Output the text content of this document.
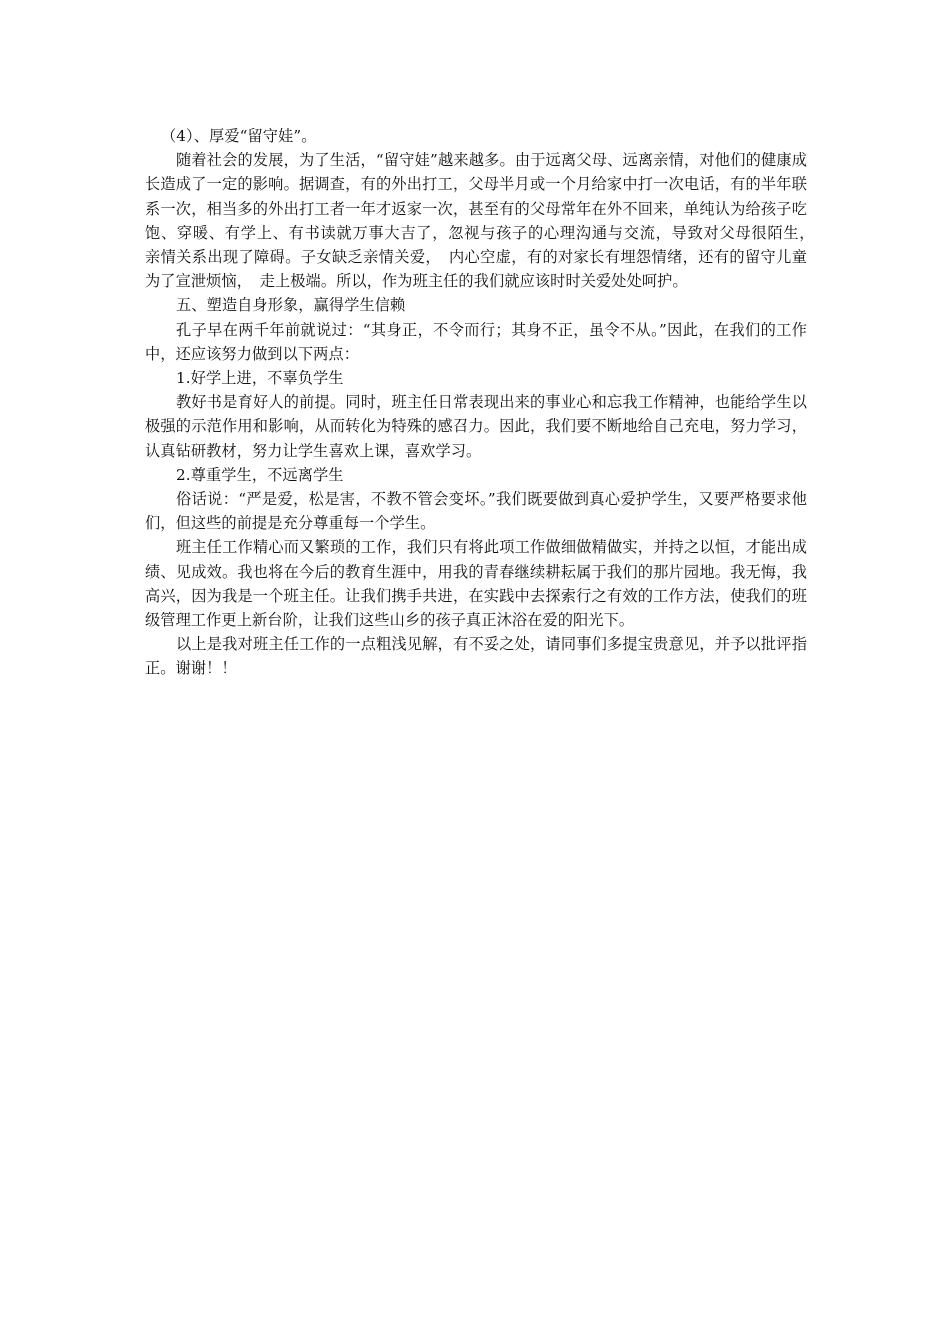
（4）、厚爱“留守娃”。

随着社会的发展，为了生活，“留守娃”越来越多。由于远离父母、远离亲情，对他们的健康成长造成了一定的影响。据调查，有的外出打工，父母半月或一个月给家中打一次电话，有的半年联系一次，相当多的外出打工者一年才返家一次，甚至有的父母常年在外不回来，单纯认为给孩子吃饱、穿暖、有学上、有书读就万事大吉了，忽视与孩子的心理沟通与交流，导致对父母很陌生，　亲情关系出现了障碍。子女缺乏亲情关爱，　内心空虚，有的对家长有埋怨情绪，还有的留守儿童为了宣泄烦恼，　走上极端。所以，作为班主任的我们就应该时时关爱处处呵护。

五、塑造自身形象，赢得学生信赖

孔子早在两千年前就说过：“其身正，不令而行；其身不正，虽令不从。”因此，在我们的工作中，还应该努力做到以下两点：

1.好学上进，不辜负学生

教好书是育好人的前提。同时，班主任日常表现出来的事业心和忘我工作精神，也能给学生以极强的示范作用和影响，从而转化为特殊的感召力。因此，我们要不断地给自己充电，努力学习，认真钻研教材，努力让学生喜欢上课，喜欢学习。

2.尊重学生，不远离学生

俗话说：“严是爱，松是害，不教不管会变坏。”我们既要做到真心爱护学生，又要严格要求他们，但这些的前提是充分尊重每一个学生。

班主任工作精心而又繁琐的工作，我们只有将此项工作做细做精做实，并持之以恒，才能出成绩、见成效。我也将在今后的教育生涯中，用我的青春继续耕耘属于我们的那片园地。我无悔，我高兴，因为我是一个班主任。让我们携手共进，在实践中去探索行之有效的工作方法，使我们的班级管理工作更上新台阶，让我们这些山乡的孩子真正沐浴在爱的阳光下。

以上是我对班主任工作的一点粗浅见解，有不妥之处，请同事们多提宝贵意见，并予以批评指正。谢谢！！
